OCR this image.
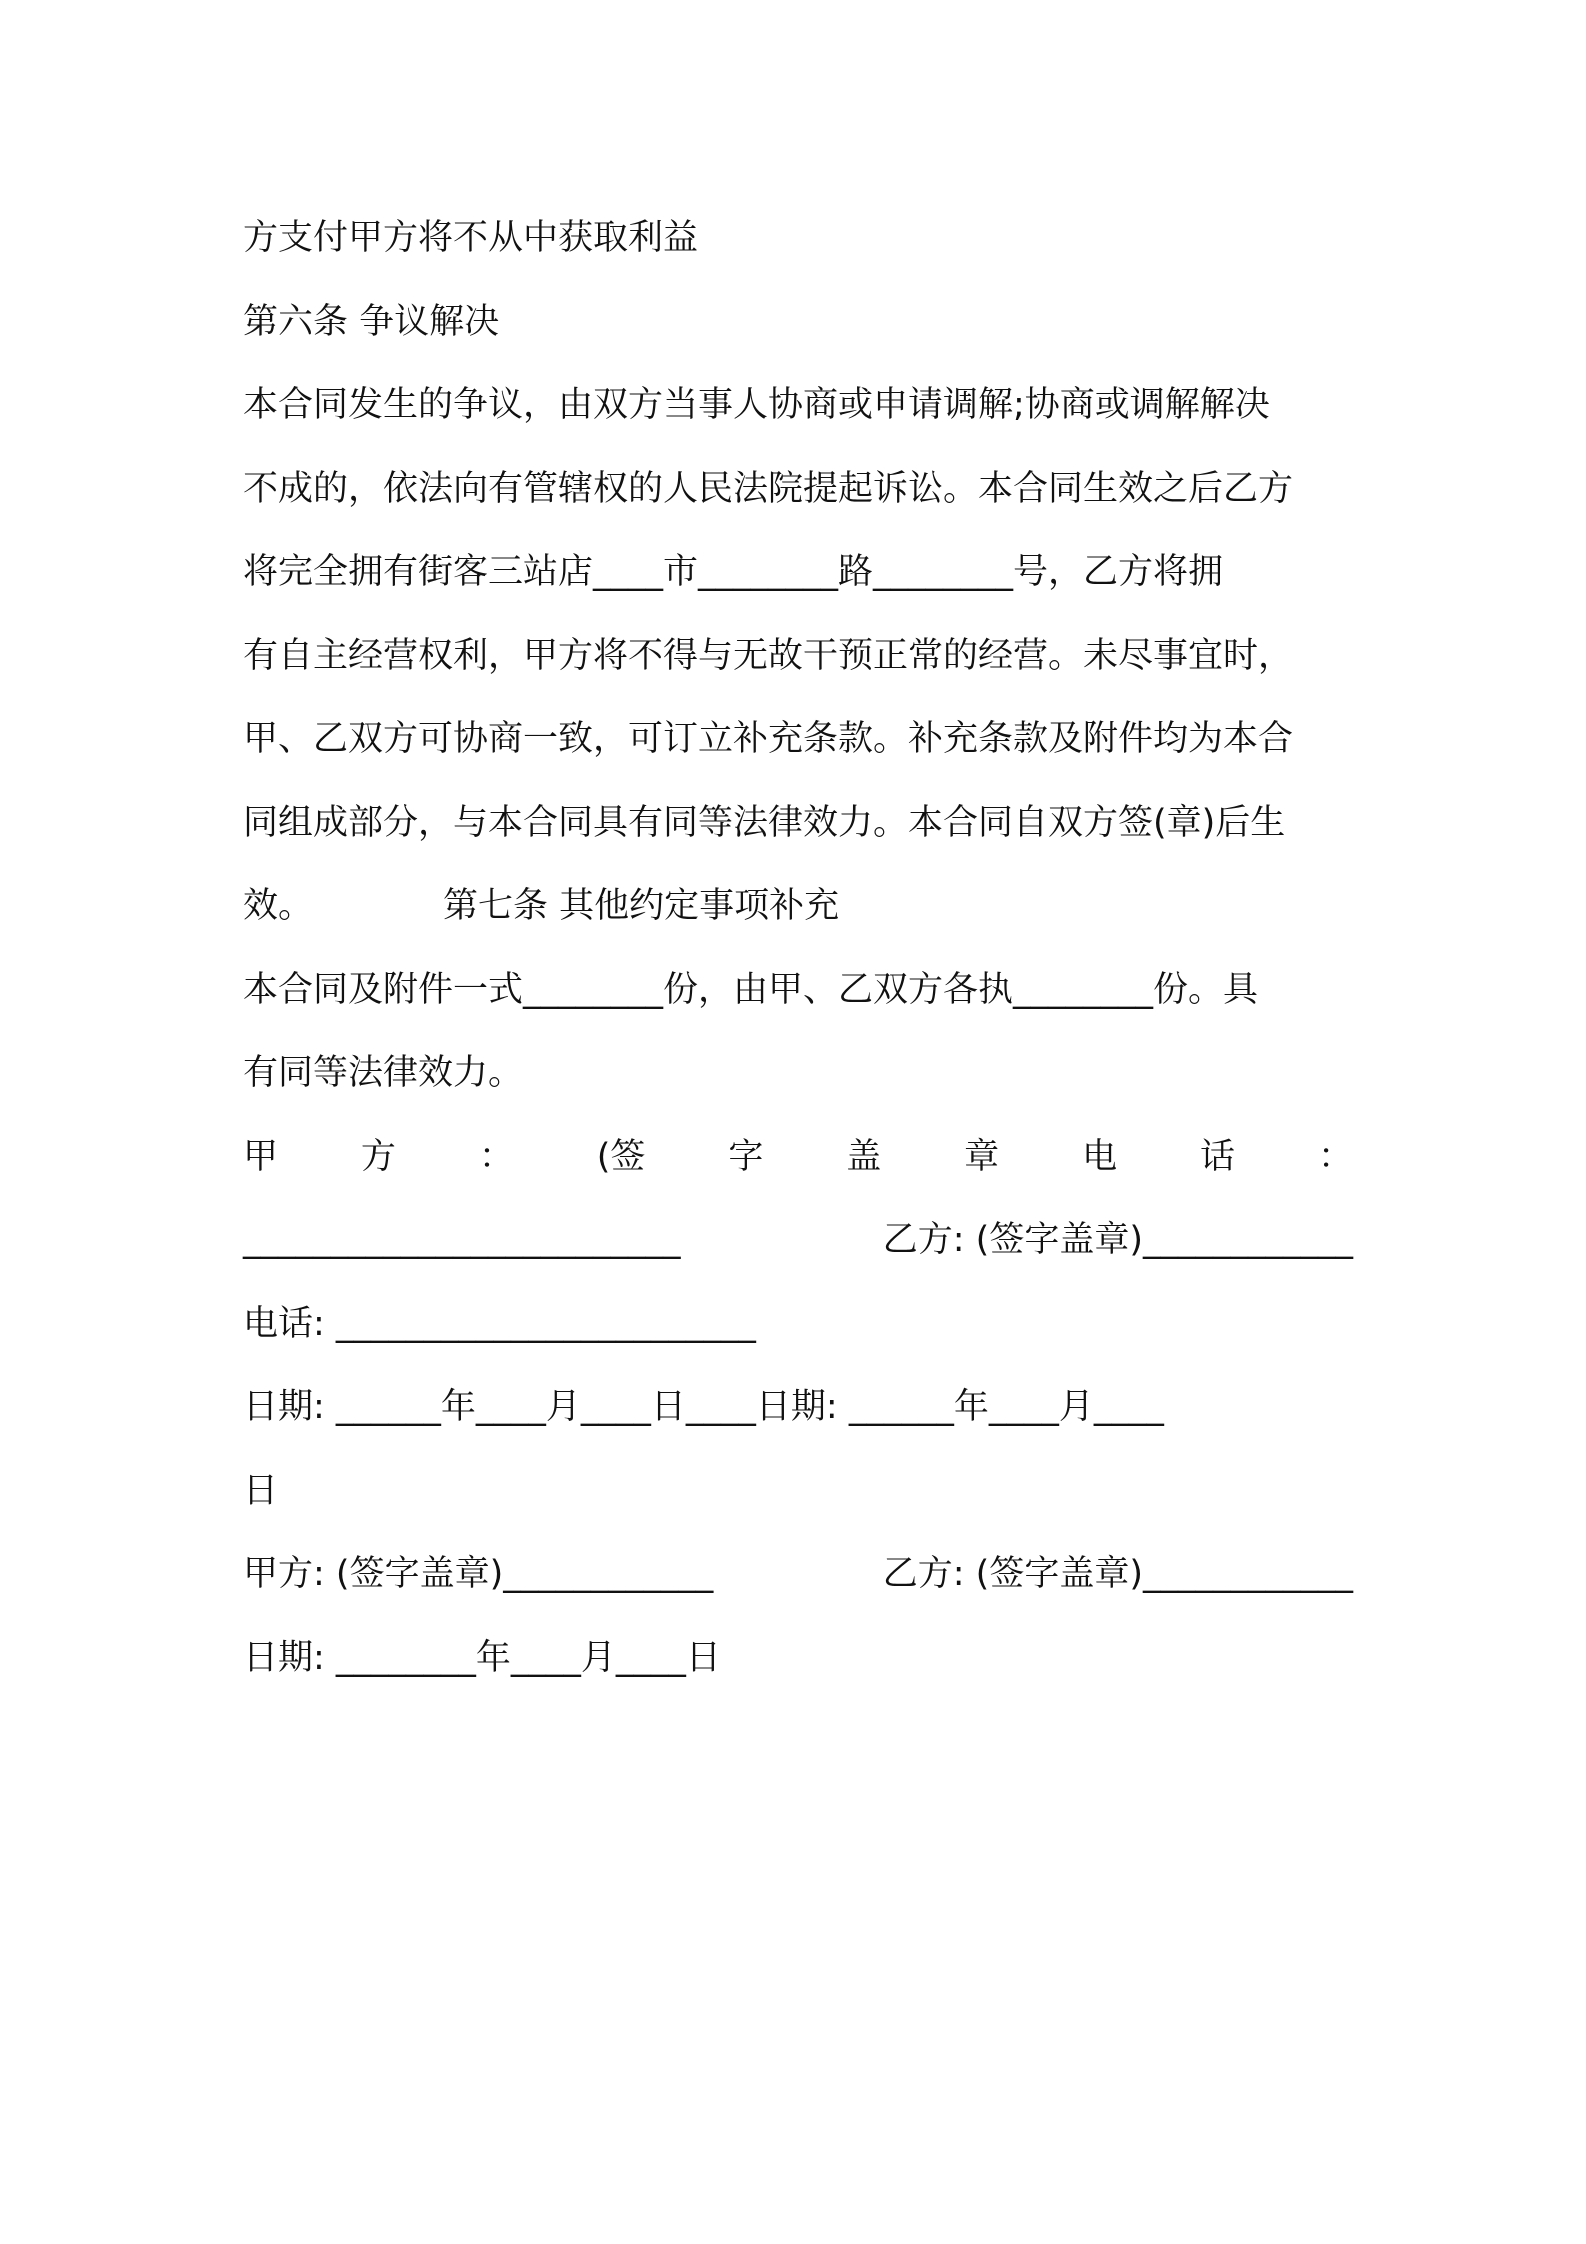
方支付甲方将不从中获取利益
第六条 争议解决
本合同发生的争议，由双方当事人协商或申请调解;协商或调解解决
不成的，依法向有管辖权的人民法院提起诉讼。本合同生效之后乙方
将完全拥有街客三站店____市________路________号，乙方将拥
有自主经营权利，甲方将不得与无故干预正常的经营。未尽事宜时，
甲、乙双方可协商一致，可订立补充条款。补充条款及附件均为本合
同组成部分，与本合同具有同等法律效力。本合同自双方签(章)后生
效。	第七条 其他约定事项补充
本合同及附件一式________份，由甲、乙双方各执________份。具
有同等法律效力。
甲 方 ： (签 字 盖 章 电 话 ：
_________________________	乙方: (签字盖章)____________
电话: ________________________
日期: ______年____月____日____日期: ______年____月____
日
甲方: (签字盖章)____________	乙方: (签字盖章)____________
日期: ________年____月____日
